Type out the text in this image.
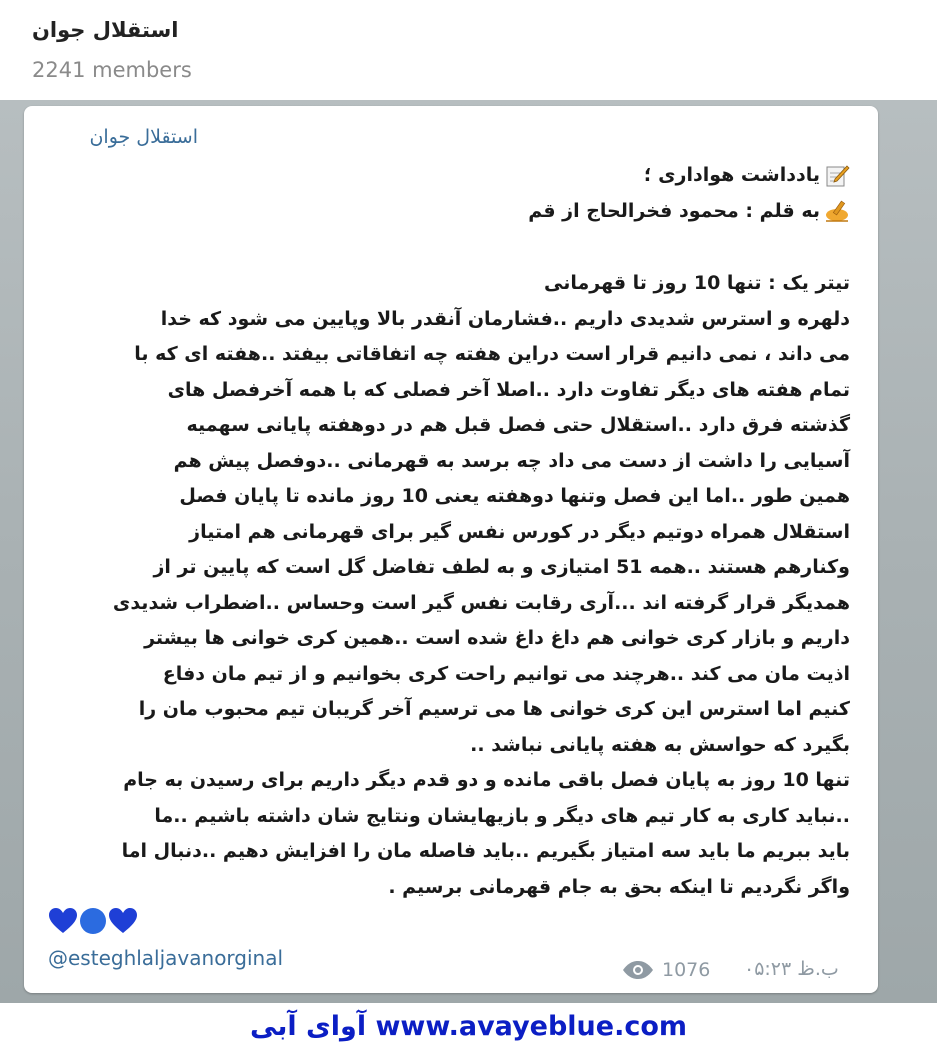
استقلال جوان
2241 members
استقلال جوان
یادداشت هواداری ؛
به قلم : محمود فخرالحاج از قم
تیتر یک : تنها 10 روز تا قهرمانی
دلهره و استرس شدیدی داریم ..فشارمان آنقدر بالا وپایین می شود که خدا
می داند ، نمی دانیم قرار است دراین هفته چه اتفاقاتی بیفتد ..هفته ای که با
تمام هفته های دیگر تفاوت دارد ..اصلا آخر فصلی که با همه آخرفصل های
گذشته فرق دارد ..استقلال حتی فصل قبل هم در دوهفته پایانی سهمیه
آسیایی را داشت از دست می داد چه برسد به قهرمانی ..دوفصل پیش هم
همین طور ..اما این فصل وتنها دوهفته یعنی 10 روز مانده تا پایان فصل
استقلال همراه دوتیم دیگر در کورس نفس گیر برای قهرمانی هم امتیاز
وکنارهم هستند ..همه 51 امتیازی و به لطف تفاضل گل است که پایین تر از
همدیگر قرار گرفته اند ...آری رقابت نفس گیر است وحساس ..اضطراب شدیدی
داریم و بازار کری خوانی هم داغ داغ شده است ..همین کری خوانی ها بیشتر
اذیت مان می کند ..هرچند می توانیم راحت کری بخوانیم و از تیم مان دفاع
کنیم اما استرس این کری خوانی ها می ترسیم آخر گریبان تیم محبوب مان را
بگیرد که حواسش به هفته پایانی نباشد ..
تنها 10 روز به پایان فصل باقی مانده و دو قدم دیگر داریم برای رسیدن به جام
..نباید کاری به کار تیم های دیگر و بازیهایشان ونتایج شان داشته باشیم ..ما
باید ببریم ما باید سه امتیاز بگیریم ..باید فاصله مان را افزایش دهیم ..دنبال اما
واگر نگردیم تا اینکه بحق به جام قهرمانی برسیم .
@esteghlaljavanorginal	1076 ب.ظ ۰۵:۲۳
آوای آبی www.avayeblue.com
